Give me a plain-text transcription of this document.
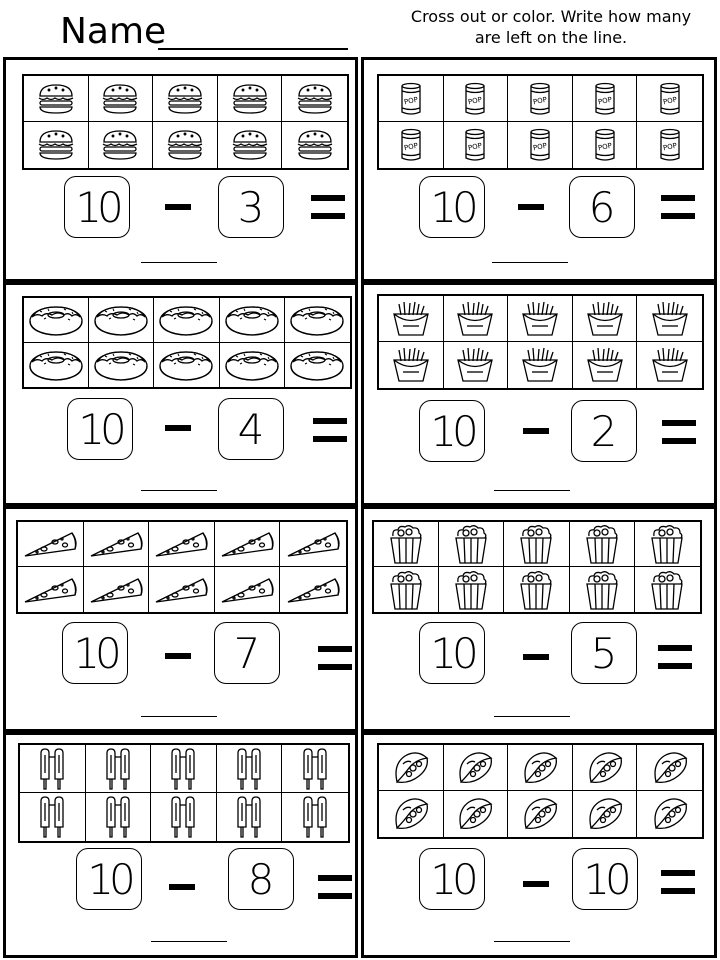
Name	Cross out or color. Write how many
are left on the line.
10	3
POP	POP	POP	POP	POP
POP	POP	POP	POP	POP
10	6
10	4	10	2
10	7	10	5
10	8	10	10
